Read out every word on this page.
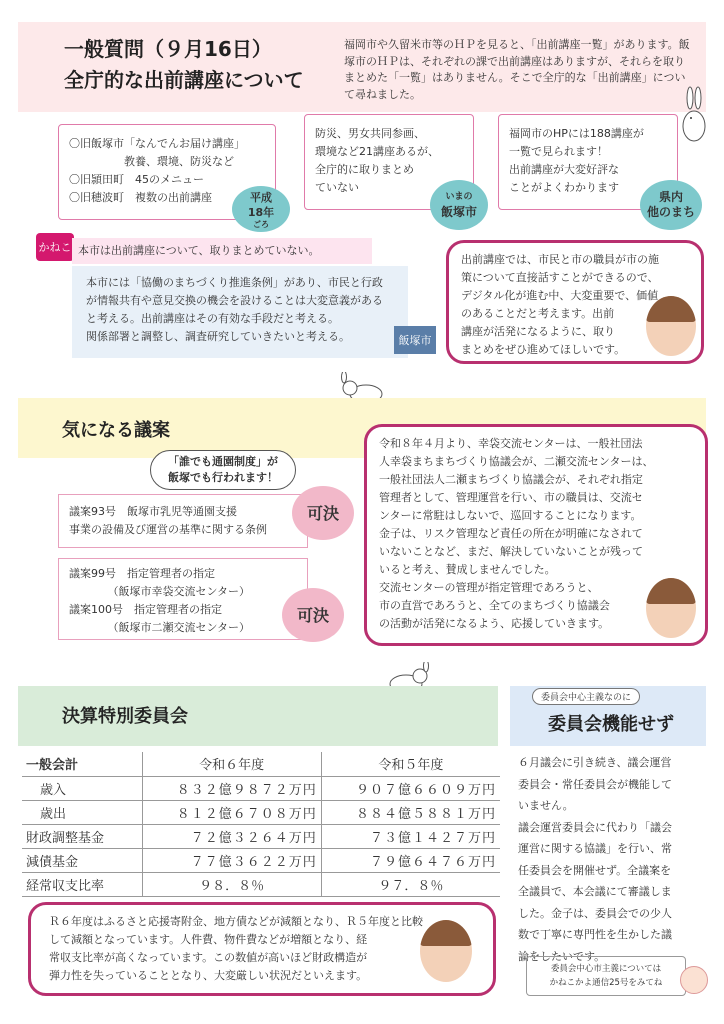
一般質問（９月16日）
全庁的な出前講座について
福岡市や久留米市等のＨＰを見ると、「出前講座一覧」があります。飯塚市のＨＰは、それぞれの課で出前講座はありますが、それらを取りまとめた「一覧」はありません。そこで全庁的な「出前講座」について尋ねました。
〇旧飯塚市「なんでんお届け講座」
　　　　　教養、環境、防災など
〇旧頴田町　45のメニュー
〇旧穂波町　複数の出前講座	平成
18年
ごろ
防災、男女共同参画、
環境など21講座あるが、
全庁的に取りまとめ
ていない
いまの
飯塚市
福岡市のHPには188講座が
一覧で見られます！
出前講座が大変好評な
ことがよくわかります
県内
他のまち
かねこ 本市は出前講座について、取りまとめていない。
本市には「協働のまちづくり推進条例」があり、市民と行政
が情報共有や意見交換の機会を設けることは大変意義がある
と考える。出前講座はその有効な手段だと考える。
関係部署と調整し、調査研究していきたいと考える。	飯塚市
出前講座では、市民と市の職員が市の施
策について直接話すことができるので、
デジタル化が進む中、大変重要で、価値
のあることだと考えます。出前
講座が活発になるように、取り
まとめをぜひ進めてほしいです。
気になる議案
「誰でも通園制度」が
飯塚でも行われます！
議案93号　飯塚市乳児等通園支援
事業の設備及び運営の基準に関する条例
可決
議案99号　指定管理者の指定
　　　　（飯塚市幸袋交流センター）
議案100号　指定管理者の指定
　　　　（飯塚市二瀬交流センター）
可決
令和８年４月より、幸袋交流センターは、一般社団法
人幸袋まちまちづくり協議会が、二瀬交流センターは、
一般社団法人二瀬まちづくり協議会が、それぞれ指定
管理者として、管理運営を行い、市の職員は、交流セ
ンターに常駐はしないで、巡回することになります。
金子は、リスク管理など責任の所在が明確になされて
いないことなど、まだ、解決していないことが残って
いると考え、賛成しませんでした。
交流センターの管理が指定管理であろうと、
市の直営であろうと、全てのまちづくり協議会
の活動が活発になるよう、応援していきます。
決算特別委員会
一般会計	令和６年度	令和５年度
歳入	８３２億９８７２万円	９０７億６６０９万円
歳出	８１２億６７０８万円	８８４億５８８１万円
財政調整基金	７２億３２６４万円	７３億１４２７万円
減債基金	７７億３６２２万円	７９億６４７６万円
経常収支比率	９８．８％	９７．８％
Ｒ６年度はふるさと応援寄附金、地方債などが減額となり、Ｒ５年度と比較
して減額となっています。人件費、物件費などが増額となり、経
常収支比率が高くなっています。この数値が高いほど財政構造が
弾力性を失っていることとなり、大変厳しい状況だといえます。
委員会中心主義なのに
委員会機能せず
６月議会に引き続き、議会運営
委員会・常任委員会が機能して
いません。
議会運営委員会に代わり「議会
運営に関する協議」を行い、常
任委員会を開催せず。全議案を
全議員で、本会議にて審議しま
した。金子は、委員会での少人
数で丁寧に専門性を生かした議
論をしたいです。
委員会中心市主義については
かねこかよ通信25号をみてね
